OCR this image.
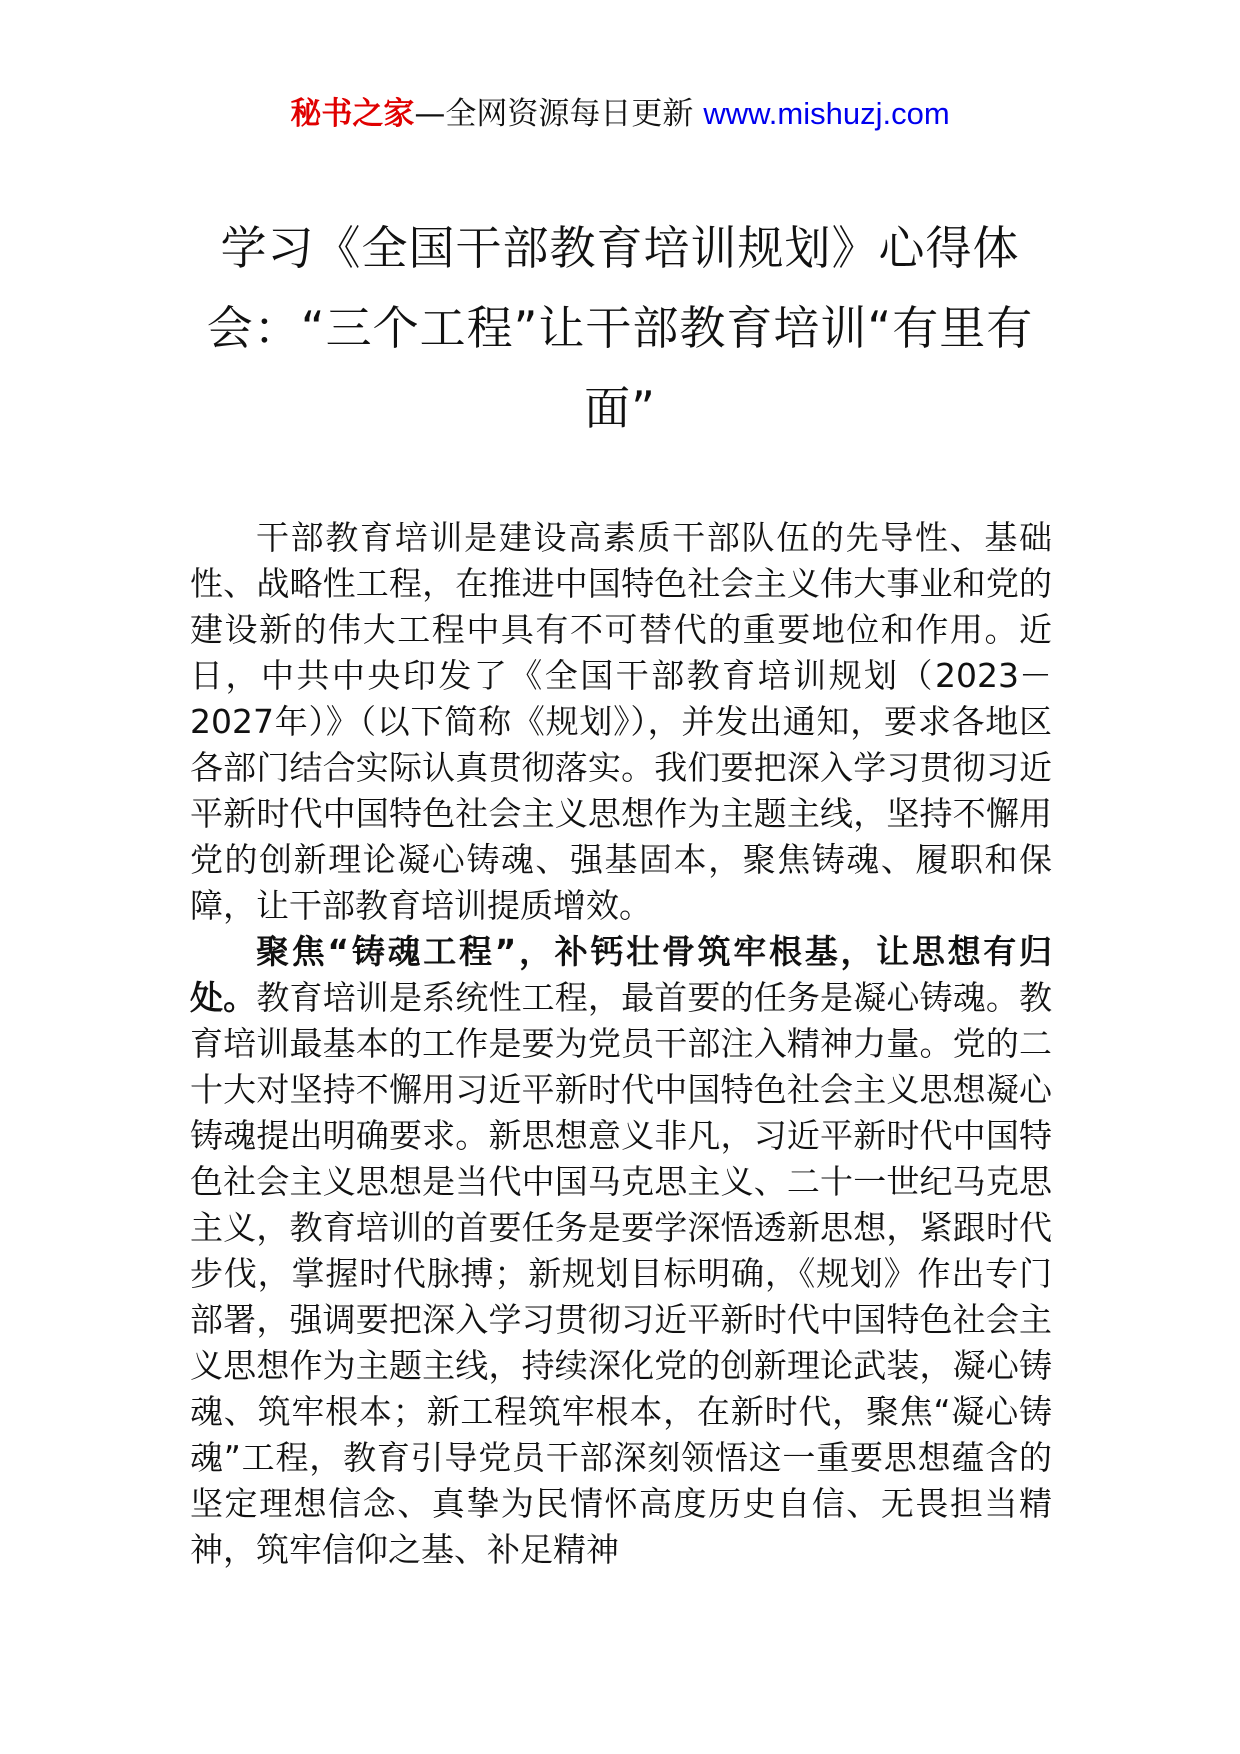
秘书之家—全网资源每日更新 www.mishuzj.com
学习《全国干部教育培训规划》心得体会：“三个工程”让干部教育培训“有里有面”

干部教育培训是建设高素质干部队伍的先导性、基础性、战略性工程，在推进中国特色社会主义伟大事业和党的建设新的伟大工程中具有不可替代的重要地位和作用。近日，中共中央印发了《全国干部教育培训规划（2023－2027年）》（以下简称《规划》），并发出通知，要求各地区各部门结合实际认真贯彻落实。我们要把深入学习贯彻习近平新时代中国特色社会主义思想作为主题主线，坚持不懈用党的创新理论凝心铸魂、强基固本，聚焦铸魂、履职和保障，让干部教育培训提质增效。

聚焦“铸魂工程”，补钙壮骨筑牢根基，让思想有归处。教育培训是系统性工程，最首要的任务是凝心铸魂。教育培训最基本的工作是要为党员干部注入精神力量。党的二十大对坚持不懈用习近平新时代中国特色社会主义思想凝心铸魂提出明确要求。新思想意义非凡，习近平新时代中国特色社会主义思想是当代中国马克思主义、二十一世纪马克思主义，教育培训的首要任务是要学深悟透新思想，紧跟时代步伐，掌握时代脉搏；新规划目标明确，《规划》作出专门部署，强调要把深入学习贯彻习近平新时代中国特色社会主义思想作为主题主线，持续深化党的创新理论武装，凝心铸魂、筑牢根本；新工程筑牢根本，在新时代，聚焦“凝心铸魂”工程，教育引导党员干部深刻领悟这一重要思想蕴含的坚定理想信念、真挚为民情怀高度历史自信、无畏担当精神，筑牢信仰之基、补足精神
